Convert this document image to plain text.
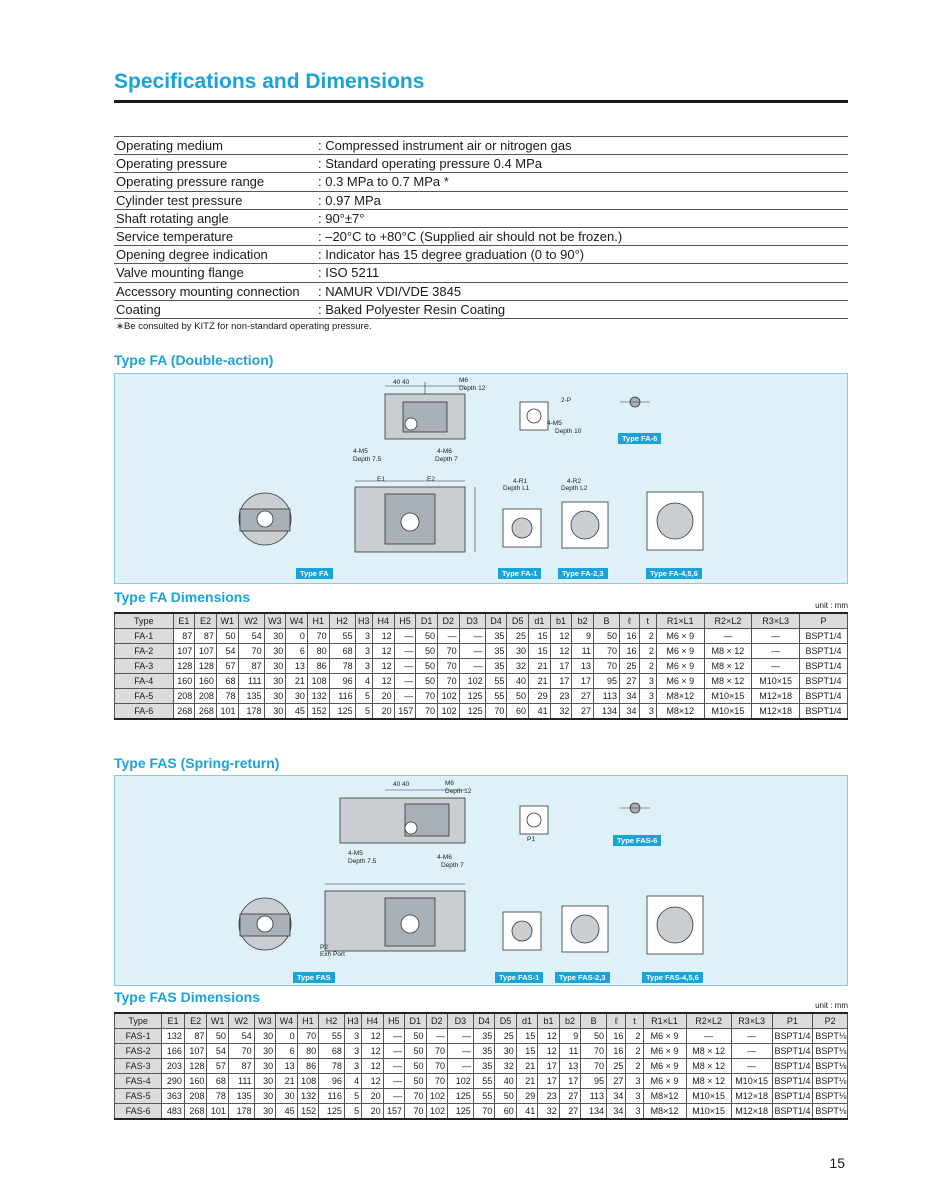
Specifications and Dimensions
Operating medium	: Compressed instrument air or nitrogen gas
Operating pressure	: Standard operating pressure 0.4 MPa
Operating pressure range	: 0.3 MPa to 0.7 MPa *
Cylinder test pressure	: 0.97 MPa
Shaft rotating angle	: 90°±7°
Service temperature	: –20°C to +80°C (Supplied air should not be frozen.)
Opening degree indication	: Indicator has 15 degree graduation (0 to 90°)
Valve mounting flange	: ISO 5211
Accessory mounting connection	: NAMUR VDI/VDE 3845
Coating	: Baked Polyester Resin Coating
∗Be consulted by KITZ for non-standard operating pressure.
Type FA (Double-action)
40 40	M6
Depth 12
4-M5
Depth 7.5
4-M6
Depth 7
2-P
4-M5
Depth 10
E1	E2	4-R1
Depth L1
4-R2
Depth L2
Type FA-6
Type FA	Type FA-1	Type FA-2,3	Type FA-4,5,6
Type FA Dimensions
unit : mm
Type	E1	E2	W1	W2	W3	W4	H1	H2	H3	H4	H5	D1	D2	D3	D4	D5	d1	b1	b2	B	ℓ	t	R1×L1	R2×L2	R3×L3	P
FA-1	87	87	50	54	30	0	70	55	3	12	—	50	—	—	35	25	15	12	9	50	16	2	M6 × 9	—	—	BSPT1/4
FA-2	107	107	54	70	30	6	80	68	3	12	—	50	70	—	35	30	15	12	11	70	16	2	M6 × 9	M8 × 12	—	BSPT1/4
FA-3	128	128	57	87	30	13	86	78	3	12	—	50	70	—	35	32	21	17	13	70	25	2	M6 × 9	M8 × 12	—	BSPT1/4
FA-4	160	160	68	111	30	21	108	96	4	12	—	50	70	102	55	40	21	17	17	95	27	3	M6 × 9	M8 × 12	M10×15	BSPT1/4
FA-5	208	208	78	135	30	30	132	116	5	20	—	70	102	125	55	50	29	23	27	113	34	3	M8×12	M10×15	M12×18	BSPT1/4
FA-6	268	268	101	178	30	45	152	125	5	20	157	70	102	125	70	60	41	32	27	134	34	3	M8×12	M10×15	M12×18	BSPT1/4
Type FAS (Spring-return)
40 40	M6
Depth 12
4-M5
Depth 7.5
4-M6
Depth 7
P1
P2
Exh Port
Type FAS-6
Type FAS	Type FAS-1	Type FAS-2,3	Type FAS-4,5,6
Type FAS Dimensions
unit : mm
Type	E1	E2	W1	W2	W3	W4	H1	H2	H3	H4	H5	D1	D2	D3	D4	D5	d1	b1	b2	B	ℓ	t	R1×L1	R2×L2	R3×L3	P1	P2
FAS-1	132	87	50	54	30	0	70	55	3	12	—	50	—	—	35	25	15	12	9	50	16	2	M6 × 9	—	—	BSPT1/4	BSPT⅛
FAS-2	166	107	54	70	30	6	80	68	3	12	—	50	70	—	35	30	15	12	11	70	16	2	M6 × 9	M8 × 12	—	BSPT1/4	BSPT⅛
FAS-3	203	128	57	87	30	13	86	78	3	12	—	50	70	—	35	32	21	17	13	70	25	2	M6 × 9	M8 × 12	—	BSPT1/4	BSPT⅛
FAS-4	290	160	68	111	30	21	108	96	4	12	—	50	70	102	55	40	21	17	17	95	27	3	M6 × 9	M8 × 12	M10×15	BSPT1/4	BSPT⅛
FAS-5	363	208	78	135	30	30	132	116	5	20	—	70	102	125	55	50	29	23	27	113	34	3	M8×12	M10×15	M12×18	BSPT1/4	BSPT⅛
FAS-6	483	268	101	178	30	45	152	125	5	20	157	70	102	125	70	60	41	32	27	134	34	3	M8×12	M10×15	M12×18	BSPT1/4	BSPT⅛
15
